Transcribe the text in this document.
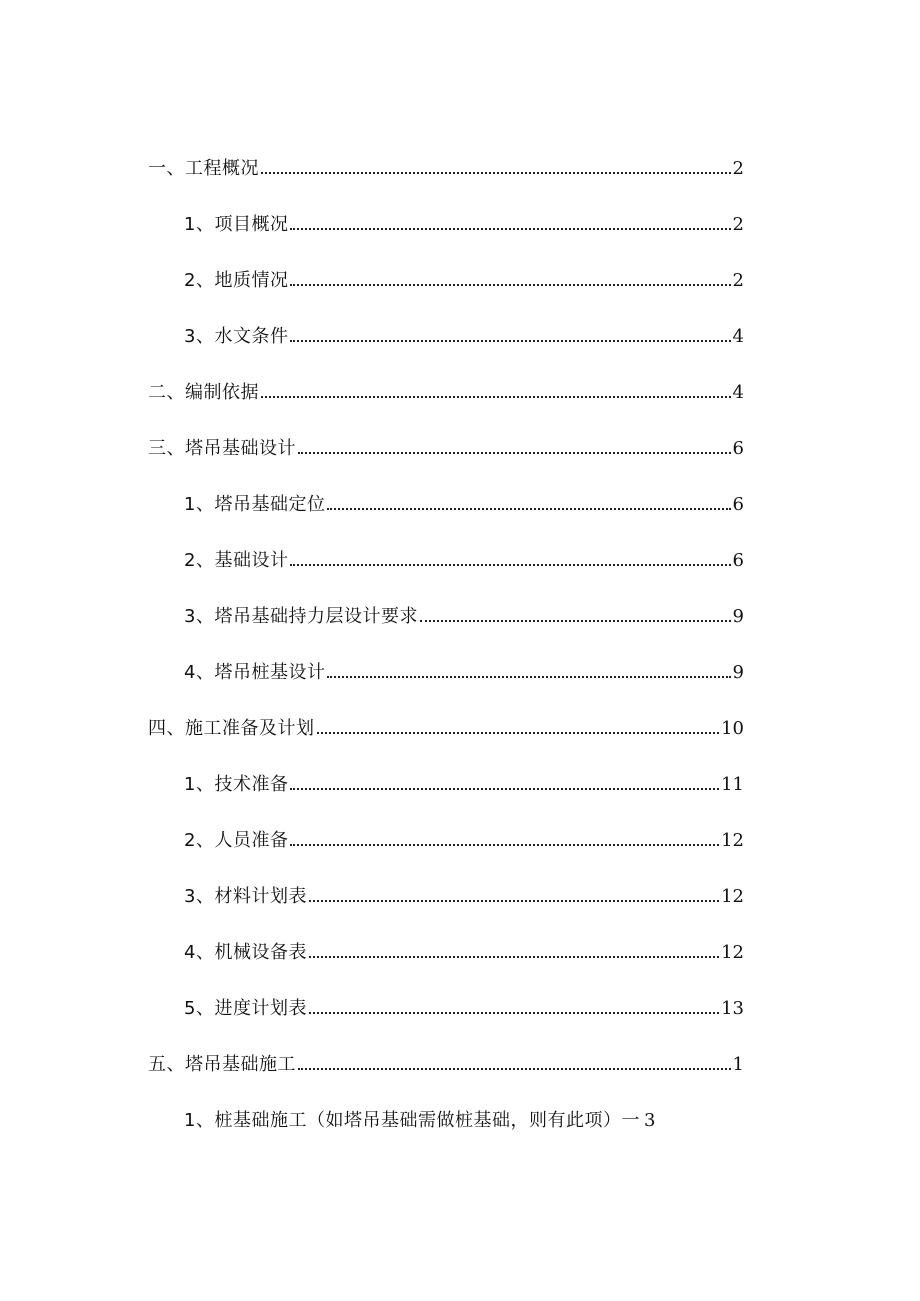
一、工程概况	2
1、项目概况	2
2、地质情况	2
3、水文条件	4
二、编制依据	4
三、塔吊基础设计	6
1、塔吊基础定位	6
2、基础设计	6
3、塔吊基础持力层设计要求	9
4、塔吊桩基设计	9
四、施工准备及计划	10
1、技术准备	11
2、人员准备	12
3、材料计划表	12
4、机械设备表	12
5、进度计划表	13
五、塔吊基础施工	1
1、桩基础施工（如塔吊基础需做桩基础，则有此项）一 3
